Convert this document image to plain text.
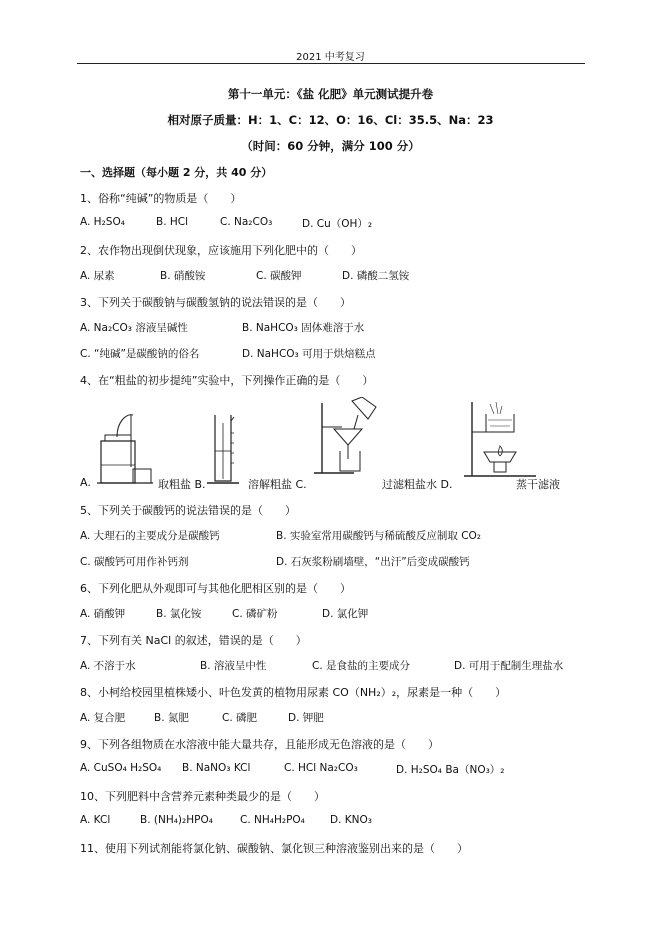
2021 中考复习
第十一单元：《盐 化肥》单元测试提升卷
相对原子质量：H：1、C：12、O：16、Cl：35.5、Na：23
（时间：60 分钟，满分 100 分）
一、选择题（每小题 2 分，共 40 分）
1、俗称“纯碱”的物质是（　　）
A. H₂SO₄	B. HCl	C. Na₂CO₃	D. Cu（OH）₂
2、农作物出现倒伏现象，应该施用下列化肥中的（　　）
A. 尿素	B. 硝酸铵	C. 碳酸钾	D. 磷酸二氢铵
3、下列关于碳酸钠与碳酸氢钠的说法错误的是（　　）
A. Na₂CO₃ 溶液呈碱性	B. NaHCO₃ 固体难溶于水
C. “纯碱”是碳酸钠的俗名	D. NaHCO₃ 可用于烘焙糕点
4、在“粗盐的初步提纯”实验中，下列操作正确的是（　　）
A.	取粗盐 B.	溶解粗盐 C.	过滤粗盐水 D.	蒸干滤液
5、下列关于碳酸钙的说法错误的是（　　）
A. 大理石的主要成分是碳酸钙	B. 实验室常用碳酸钙与稀硫酸反应制取 CO₂
C. 碳酸钙可用作补钙剂	D. 石灰浆粉刷墙壁，“出汗”后变成碳酸钙
6、下列化肥从外观即可与其他化肥相区别的是（　　）
A. 硝酸钾	B. 氯化铵	C. 磷矿粉	D. 氯化钾
7、下列有关 NaCl 的叙述，错误的是（　　）
A. 不溶于水	B. 溶液呈中性	C. 是食盐的主要成分	D. 可用于配制生理盐水
8、小柯给校园里植株矮小、叶色发黄的植物用尿素 CO（NH₂）₂，尿素是一种（　　）
A. 复合肥	B. 氮肥	C. 磷肥	D. 钾肥
9、下列各组物质在水溶液中能大量共存，且能形成无色溶液的是（　　）
A. CuSO₄ H₂SO₄ B. NaNO₃ KCl	C. HCl Na₂CO₃	D. H₂SO₄ Ba（NO₃）₂
10、下列肥料中含营养元素种类最少的是（　　）
A. KCl	B. (NH₄)₂HPO₄	C. NH₄H₂PO₄ D. KNO₃
11、使用下列试剂能将氯化钠、碳酸钠、氯化钡三种溶液鉴别出来的是（　　）
